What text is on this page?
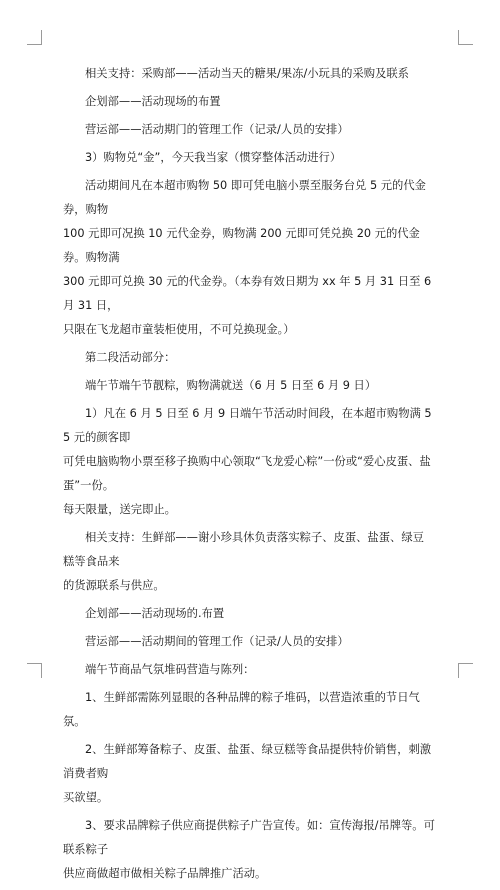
相关支持：采购部——活动当天的糖果/果冻/小玩具的采购及联系
企划部——活动现场的布置
营运部——活动期门的管理工作（记录/人员的安排）
3）购物兑“金”，今天我当家（惯穿整体活动进行）
活动期间凡在本超市购物 50 即可凭电脑小票至服务台兑 5 元的代金券，购物
100 元即可况换 10 元代金券，购物满 200 元即可凭兑换 20 元的代金券。购物满
300 元即可兑换 30 元的代金券。（本券有效日期为 xx 年 5 月 31 日至 6 月 31 日，
只限在飞龙超市童装柜使用，不可兑换现金。）
第二段活动部分：
端午节端午节靓粽，购物满就送（6 月 5 日至 6 月 9 日）
1）凡在 6 月 5 日至 6 月 9 日端午节活动时间段，在本超市购物满 55 元的颜客即
可凭电脑购物小票至移子换购中心领取“飞龙爱心粽”一份或“爱心皮蛋、盐蛋”一份。
每天限量，送完即止。
相关支持：生鲜部——谢小珍具休负责落实粽子、皮蛋、盐蛋、绿豆糕等食品来
的货源联系与供应。
企划部——活动现场的.布置
营运部——活动期间的管理工作（记录/人员的安排）
端午节商品气氛堆码营造与陈列：
1、生鲜部需陈列显眼的各种品牌的粽子堆码，以营造浓重的节日气氛。
2、生鲜部筹备粽子、皮蛋、盐蛋、绿豆糕等食品提供特价销售，刺激消费者购
买欲望。
3、要求品牌粽子供应商提供粽子广告宣传。如：宣传海报/吊牌等。可联系粽子
供应商做超市做相关粽子品牌推广活动。
